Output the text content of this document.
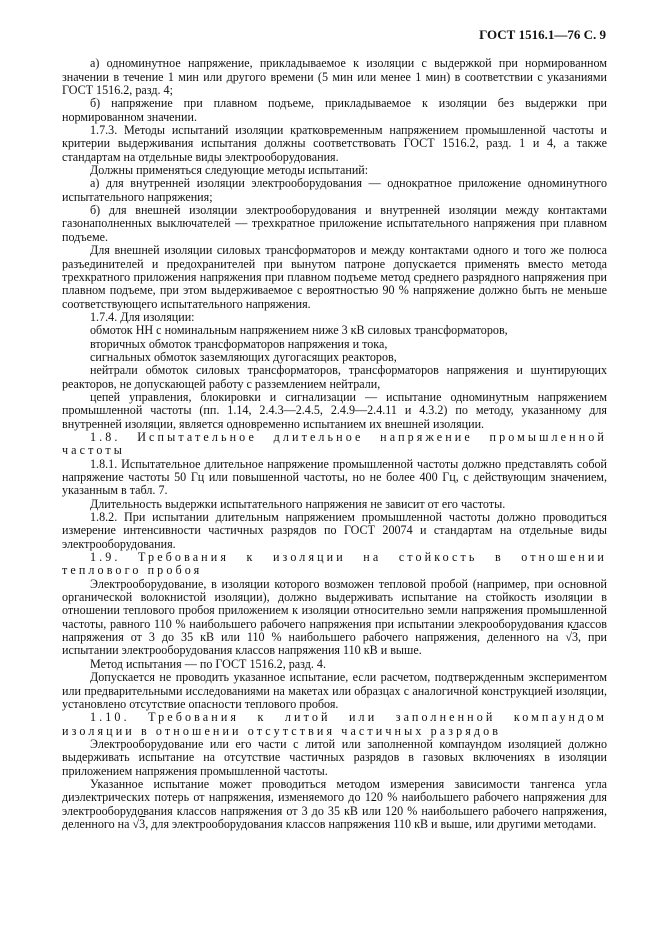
ГОСТ 1516.1—76 С. 9

а) одноминутное напряжение, прикладываемое к изоляции с выдержкой при нормированном значении в течение 1 мин или другого времени (5 мин или менее 1 мин) в соответствии с указаниями ГОСТ 1516.2, разд. 4;

б) напряжение при плавном подъеме, прикладываемое к изоляции без выдержки при нормированном значении.

1.7.3. Методы испытаний изоляции кратковременным напряжением промышленной частоты и критерии выдерживания испытания должны соответствовать ГОСТ 1516.2, разд. 1 и 4, а также стандартам на отдельные виды электрооборудования.

Должны применяться следующие методы испытаний:

а) для внутренней изоляции электрооборудования — однократное приложение одноминутного испытательного напряжения;

б) для внешней изоляции электрооборудования и внутренней изоляции между контактами газонаполненных выключателей — трехкратное приложение испытательного напряжения при плавном подъеме.

Для внешней изоляции силовых трансформаторов и между контактами одного и того же полюса разъединителей и предохранителей при вынутом патроне допускается применять вместо метода трехкратного приложения напряжения при плавном подъеме метод среднего разрядного напряжения при плавном подъеме, при этом выдерживаемое с вероятностью 90 % напряжение должно быть не меньше соответствующего испытательного напряжения.

1.7.4. Для изоляции:

обмоток НН с номинальным напряжением ниже 3 кВ силовых трансформаторов,

вторичных обмоток трансформаторов напряжения и тока,

сигнальных обмоток заземляющих дугогасящих реакторов,

нейтрали обмоток силовых трансформаторов, трансформаторов напряжения и шунтирующих реакторов, не допускающей работу с разземлением нейтрали,

цепей управления, блокировки и сигнализации — испытание одноминутным напряжением промышленной частоты (пп. 1.14, 2.4.3—2.4.5, 2.4.9—2.4.11 и 4.3.2) по методу, указанному для внутренней изоляции, является одновременно испытанием их внешней изоляции.

1.8. Испытательное длительное напряжение промышленной частоты

1.8.1. Испытательное длительное напряжение промышленной частоты должно представлять собой напряжение частоты 50 Гц или повышенной частоты, но не более 400 Гц, с действующим значением, указанным в табл. 7.

Длительность выдержки испытательного напряжения не зависит от его частоты.

1.8.2. При испытании длительным напряжением промышленной частоты должно проводиться измерение интенсивности частичных разрядов по ГОСТ 20074 и стандартам на отдельные виды электрооборудования.

1.9. Требования к изоляции на стойкость в отношении теплового пробоя

Электрооборудование, в изоляции которого возможен тепловой пробой (например, при основной органической волокнистой изоляции), должно выдерживать испытание на стойкость изоляции в отношении теплового пробоя приложением к изоляции относительно земли напряжения промышленной частоты, равного 110 % наибольшего рабочего напряжения при испытании элекрооборудования классов напряжения от 3 до 35 кВ или 110 % наибольшего рабочего напряжения, деленного на √3, при испытании электрооборудования классов напряжения 110 кВ и выше.

Метод испытания — по ГОСТ 1516.2, разд. 4.

Допускается не проводить указанное испытание, если расчетом, подтвержденным экспериментом или предварительными исследованиями на макетах или образцах с аналогичной конструкцией изоляции, установлено отсутствие опасности теплового пробоя.

1.10. Требования к литой или заполненной компаундом изоляции в отношении отсутствия частичных разрядов

Электрооборудование или его части с литой или заполненной компаундом изоляцией должно выдерживать испытание на отсутствие частичных разрядов в газовых включениях в изоляции приложением напряжения промышленной частоты.

Указанное испытание может проводиться методом измерения зависимости тангенса угла диэлектрических потерь от напряжения, изменяемого до 120 % наибольшего рабочего напряжения для электрооборудования классов напряжения от 3 до 35 кВ или 120 % наибольшего рабочего напряжения, деленного на √3, для электрооборудования классов напряжения 110 кВ и выше, или другими методами.
